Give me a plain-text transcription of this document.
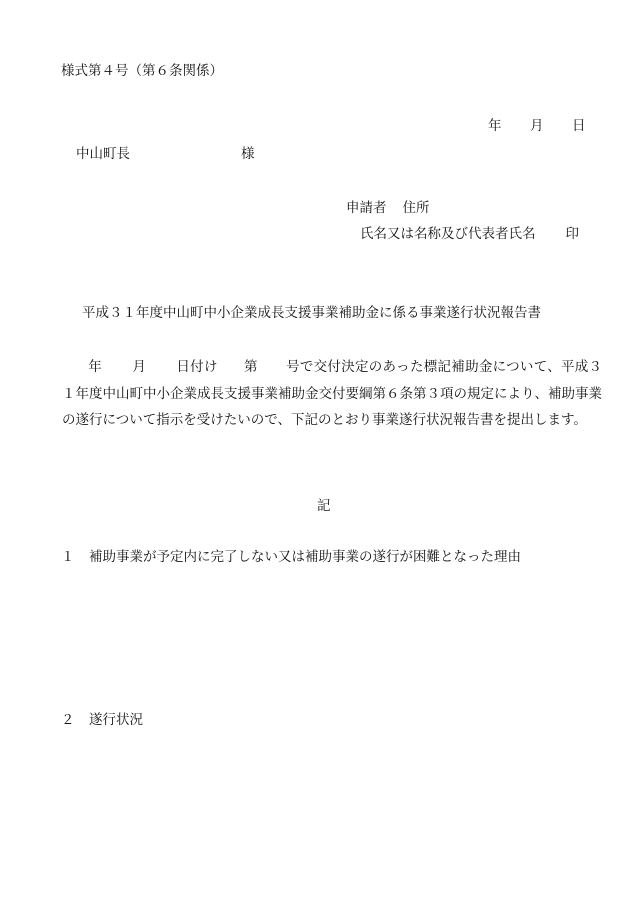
様式第４号（第６条関係）
年 月 日
中山町長	様
申請者 住所
氏名又は名称及び代表者氏名 印
平成３１年度中山町中小企業成長支援事業補助金に係る事業遂行状況報告書
年 月 日付け 第 号で交付決定のあった標記補助金について、平成３１年度中山町中小企業成長支援事業補助金交付要綱第６条第３項の規定により、補助事業の遂行について指示を受けたいので、下記のとおり事業遂行状況報告書を提出します。
記
１ 補助事業が予定内に完了しない又は補助事業の遂行が困難となった理由
２ 遂行状況
